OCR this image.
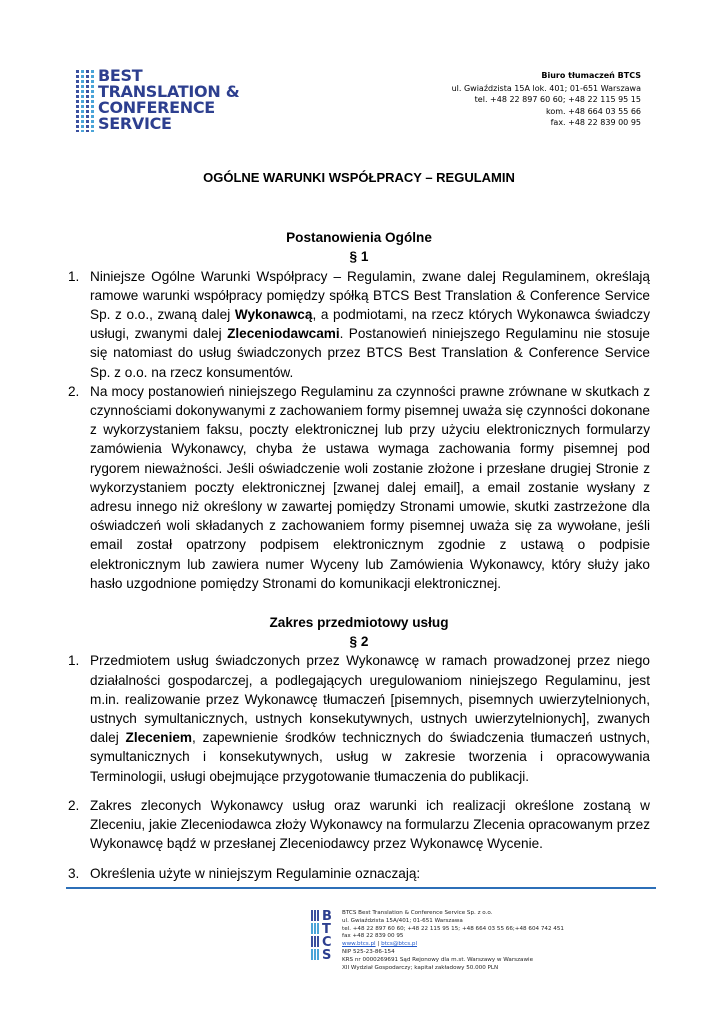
BEST
TRANSLATION &
CONFERENCE
SERVICE
Biuro tłumaczeń BTCS
ul. Gwiaździsta 15A lok. 401; 01-651 Warszawa
tel. +48 22 897 60 60; +48 22 115 95 15
kom. +48 664 03 55 66
fax. +48 22 839 00 95
OGÓLNE WARUNKI WSPÓŁPRACY – REGULAMIN
Postanowienia Ogólne
§ 1
1. Niniejsze Ogólne Warunki Współpracy – Regulamin, zwane dalej Regulaminem, określają ramowe warunki współpracy pomiędzy spółką BTCS Best Translation & Conference Service Sp. z o.o., zwaną dalej Wykonawcą, a podmiotami, na rzecz których Wykonawca świadczy usługi, zwanymi dalej Zleceniodawcami. Postanowień niniejszego Regulaminu nie stosuje się natomiast do usług świadczonych przez BTCS Best Translation & Conference Service Sp. z o.o. na rzecz konsumentów.
2. Na mocy postanowień niniejszego Regulaminu za czynności prawne zrównane w skutkach z czynnościami dokonywanymi z zachowaniem formy pisemnej uważa się czynności dokonane z wykorzystaniem faksu, poczty elektronicznej lub przy użyciu elektronicznych formularzy zamówienia Wykonawcy, chyba że ustawa wymaga zachowania formy pisemnej pod rygorem nieważności. Jeśli oświadczenie woli zostanie złożone i przesłane drugiej Stronie z wykorzystaniem poczty elektronicznej [zwanej dalej email], a email zostanie wysłany z adresu innego niż określony w zawartej pomiędzy Stronami umowie, skutki zastrzeżone dla oświadczeń woli składanych z zachowaniem formy pisemnej uważa się za wywołane, jeśli email został opatrzony podpisem elektronicznym zgodnie z ustawą o podpisie elektronicznym lub zawiera numer Wyceny lub Zamówienia Wykonawcy, który służy jako hasło uzgodnione pomiędzy Stronami do komunikacji elektronicznej.
Zakres przedmiotowy usług
§ 2
1. Przedmiotem usług świadczonych przez Wykonawcę w ramach prowadzonej przez niego działalności gospodarczej, a podlegających uregulowaniom niniejszego Regulaminu, jest m.in. realizowanie przez Wykonawcę tłumaczeń [pisemnych, pisemnych uwierzytelnionych, ustnych symultanicznych, ustnych konsekutywnych, ustnych uwierzytelnionych], zwanych dalej Zleceniem, zapewnienie środków technicznych do świadczenia tłumaczeń ustnych, symultanicznych i konsekutywnych, usług w zakresie tworzenia i opracowywania Terminologii, usługi obejmujące przygotowanie tłumaczenia do publikacji.
2. Zakres zleconych Wykonawcy usług oraz warunki ich realizacji określone zostaną w Zleceniu, jakie Zleceniodawca złoży Wykonawcy na formularzu Zlecenia opracowanym przez Wykonawcę bądź w przesłanej Zleceniodawcy przez Wykonawcę Wycenie.
3. Określenia użyte w niniejszym Regulaminie oznaczają:
B
T
C
S
BTCS Best Translation & Conference Service Sp. z o.o.
ul. Gwiaździsta 15A/401; 01-651 Warszawa
tel. +48 22 897 60 60; +48 22 115 95 15; +48 664 03 55 66;+48 604 742 451
fax +48 22 839 00 95
www.btcs.pl | btcs@btcs.pl
NIP 525-23-86-154
KRS nr 0000269691 Sąd Rejonowy dla m.st. Warszawy w Warszawie
XII Wydział Gospodarczy; kapitał zakładowy 50.000 PLN
